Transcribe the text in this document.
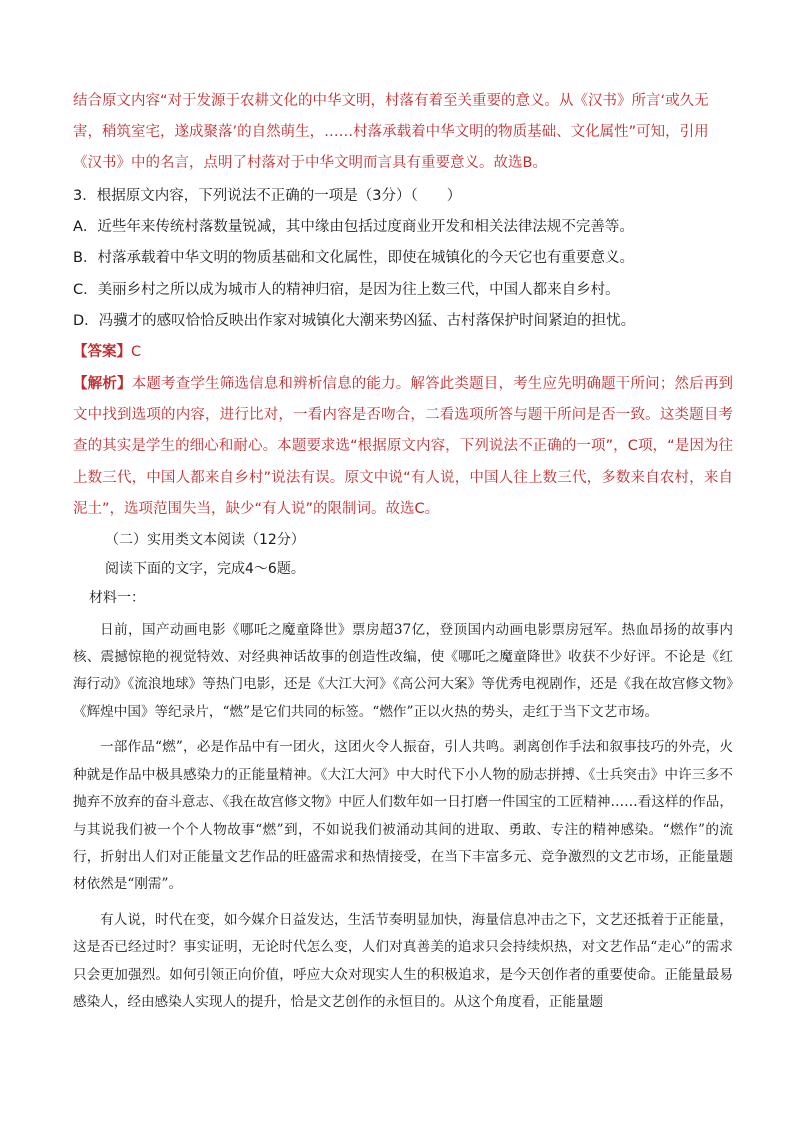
结合原文内容“对于发源于农耕文化的中华文明，村落有着至关重要的意义。从《汉书》所言‘或久无害，稍筑室宅，遂成聚落’的自然萌生，……村落承载着中华文明的物质基础、文化属性”可知，引用《汉书》中的名言，点明了村落对于中华文明而言具有重要意义。故选B。

3．根据原文内容，下列说法不正确的一项是（3分）（　　）

A．近些年来传统村落数量锐减，其中缘由包括过度商业开发和相关法律法规不完善等。

B．村落承载着中华文明的物质基础和文化属性，即使在城镇化的今天它也有重要意义。

C．美丽乡村之所以成为城市人的精神归宿，是因为往上数三代，中国人都来自乡村。

D．冯骥才的感叹恰恰反映出作家对城镇化大潮来势凶猛、古村落保护时间紧迫的担忧。

【答案】C

【解析】本题考查学生筛选信息和辨析信息的能力。解答此类题目，考生应先明确题干所问；然后再到文中找到选项的内容，进行比对，一看内容是否吻合，二看选项所答与题干所问是否一致。这类题目考查的其实是学生的细心和耐心。本题要求选“根据原文内容，下列说法不正确的一项”，C项，“是因为往上数三代，中国人都来自乡村”说法有误。原文中说“有人说，中国人往上数三代，多数来自农村，来自泥土”，选项范围失当，缺少“有人说”的限制词。故选C。

（二）实用类文本阅读（12分）

阅读下面的文字，完成4～6题。

材料一：

日前，国产动画电影《哪吒之魔童降世》票房超37亿，登顶国内动画电影票房冠军。热血昂扬的故事内核、震撼惊艳的视觉特效、对经典神话故事的创造性改编，使《哪吒之魔童降世》收获不少好评。不论是《红海行动》《流浪地球》等热门电影，还是《大江大河》《高公河大案》等优秀电视剧作，还是《我在故宫修文物》《辉煌中国》等纪录片，“燃”是它们共同的标签。“燃作”正以火热的势头，走红于当下文艺市场。

一部作品“燃”，必是作品中有一团火，这团火令人振奋，引人共鸣。剥离创作手法和叙事技巧的外壳，火种就是作品中极具感染力的正能量精神。《大江大河》中大时代下小人物的励志拼搏、《士兵突击》中许三多不抛弃不放弃的奋斗意志、《我在故宫修文物》中匠人们数年如一日打磨一件国宝的工匠精神……看这样的作品，与其说我们被一个个人物故事“燃”到，不如说我们被涌动其间的进取、勇敢、专注的精神感染。“燃作”的流行，折射出人们对正能量文艺作品的旺盛需求和热情接受，在当下丰富多元、竞争激烈的文艺市场，正能量题材依然是“刚需”。

有人说，时代在变，如今媒介日益发达，生活节奏明显加快，海量信息冲击之下，文艺还抵着于正能量，这是否已经过时？事实证明，无论时代怎么变，人们对真善美的追求只会持续炽热，对文艺作品“走心”的需求只会更加强烈。如何引领正向价值，呼应大众对现实人生的积极追求，是今天创作者的重要使命。正能量最易感染人，经由感染人实现人的提升，恰是文艺创作的永恒目的。从这个角度看，正能量题
